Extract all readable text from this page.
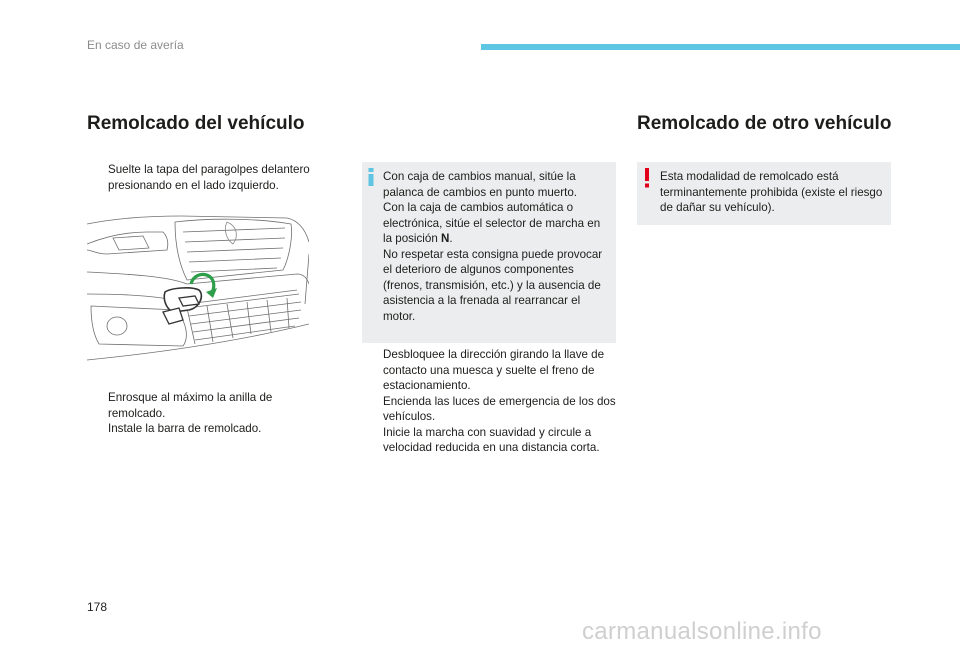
En caso de avería
Remolcado del vehículo	Remolcado de otro vehículo
Suelte la tapa del paragolpes delantero presionando en el lado izquierdo.
Enrosque al máximo la anilla de remolcado.
Instale la barra de remolcado.
Con caja de cambios manual, sitúe la palanca de cambios en punto muerto.
Con la caja de cambios automática o electrónica, sitúe el selector de marcha en la posición N.
No respetar esta consigna puede provocar el deterioro de algunos componentes (frenos, transmisión, etc.) y la ausencia de asistencia a la frenada al rearrancar el motor.
Desbloquee la dirección girando la llave de contacto una muesca y suelte el freno de estacionamiento.
Encienda las luces de emergencia de los dos vehículos.
Inicie la marcha con suavidad y circule a velocidad reducida en una distancia corta.
Esta modalidad de remolcado está terminantemente prohibida (existe el riesgo de dañar su vehículo).
178
carmanualsonline.info
